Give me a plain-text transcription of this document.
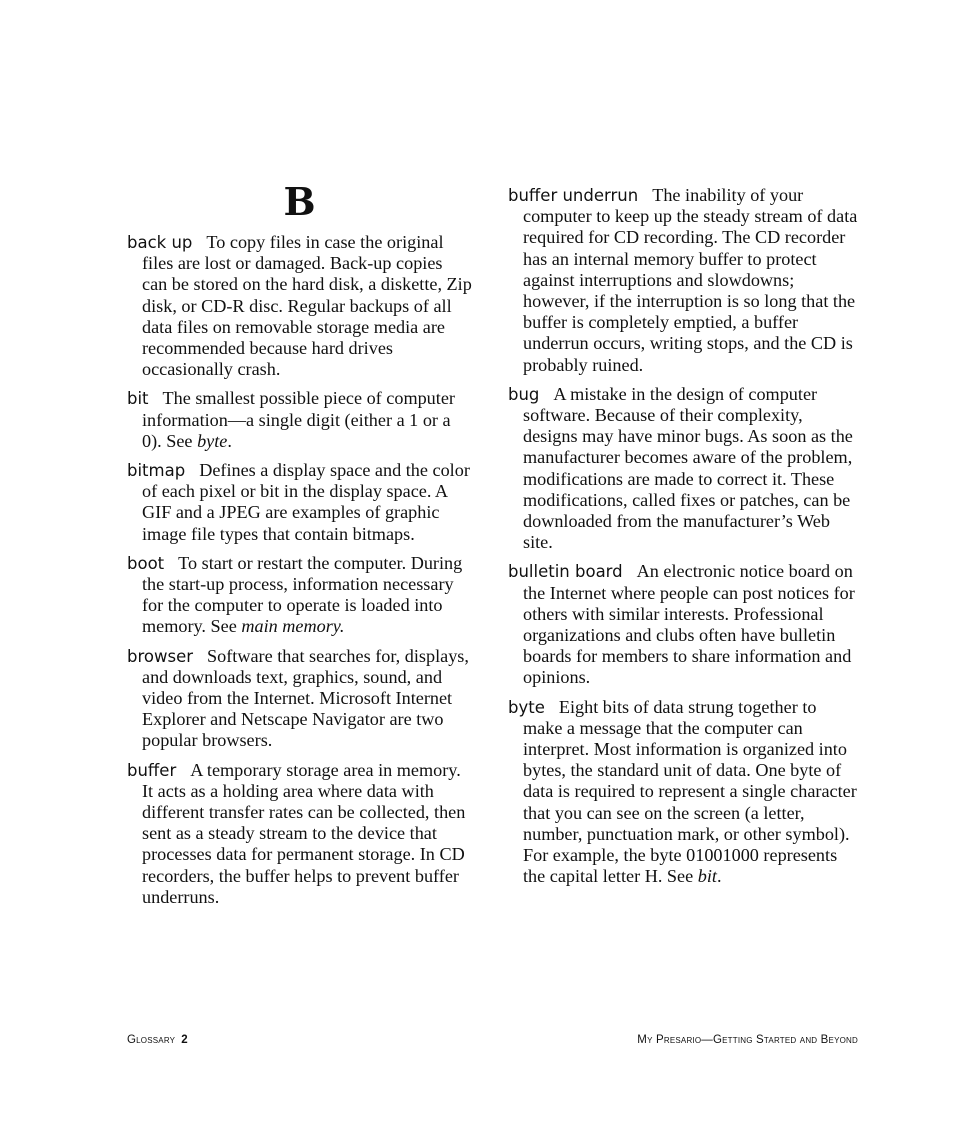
B
back up To copy files in case the original files are lost or damaged. Back-up copies can be stored on the hard disk, a diskette, Zip disk, or CD-R disc. Regular backups of all data files on removable storage media are recommended because hard drives occasionally crash.
bit The smallest possible piece of computer information—a single digit (either a 1 or a 0). See byte.
bitmap Defines a display space and the color of each pixel or bit in the display space. A GIF and a JPEG are examples of graphic image file types that contain bitmaps.
boot To start or restart the computer. During the start-up process, information necessary for the computer to operate is loaded into memory. See main memory.
browser Software that searches for, displays, and downloads text, graphics, sound, and video from the Internet. Microsoft Internet Explorer and Netscape Navigator are two popular browsers.
buffer A temporary storage area in memory. It acts as a holding area where data with different transfer rates can be collected, then sent as a steady stream to the device that processes data for permanent storage. In CD recorders, the buffer helps to prevent buffer underruns.
buffer underrun The inability of your computer to keep up the steady stream of data required for CD recording. The CD recorder has an internal memory buffer to protect against interruptions and slowdowns; however, if the interruption is so long that the buffer is completely emptied, a buffer underrun occurs, writing stops, and the CD is probably ruined.
bug A mistake in the design of computer software. Because of their complexity, designs may have minor bugs. As soon as the manufacturer becomes aware of the problem, modifications are made to correct it. These modifications, called fixes or patches, can be downloaded from the manufacturer’s Web site.
bulletin board An electronic notice board on the Internet where people can post notices for others with similar interests. Professional organizations and clubs often have bulletin boards for members to share information and opinions.
byte Eight bits of data strung together to make a message that the computer can interpret. Most information is organized into bytes, the standard unit of data. One byte of data is required to represent a single character that you can see on the screen (a letter, number, punctuation mark, or other symbol). For example, the byte 01001000 represents the capital letter H. See bit.
Glossary 2	My Presario—Getting Started and Beyond
